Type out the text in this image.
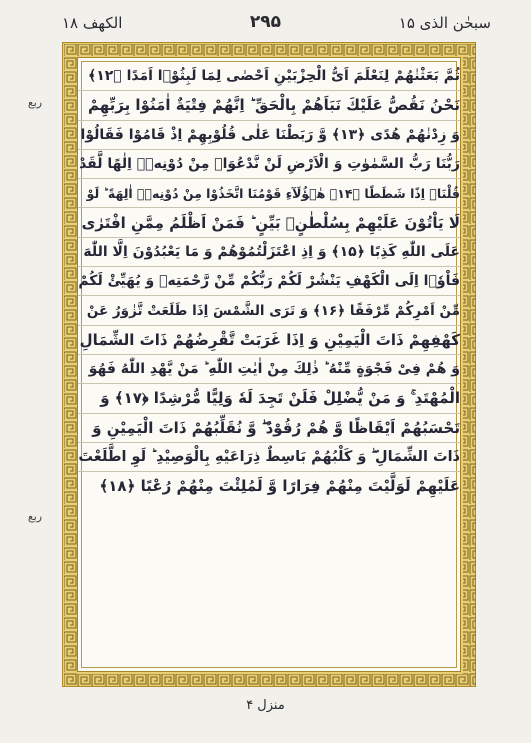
سبحٰن الذی ۱۵
۲۹۵
الکھف ۱۸
ربع
ربع
ثُمَّ بَعَثْنٰهُمْ لِنَعْلَمَ اَیُّ الْحِزْبَیْنِ اَحْصٰى لِمَا لَبِثُوْۤا اَمَدًا ﴿۱۲﴾
نَحْنُ نَقُصُّ عَلَیْكَ نَبَاَهُمْ بِالْحَقِّ ؕ اِنَّهُمْ فِتْیَةٌ اٰمَنُوْا بِرَبِّهِمْ
وَ زِدْنٰهُمْ هُدًى ﴿۱۳﴾ وَّ رَبَطْنَا عَلٰى قُلُوْبِهِمْ اِذْ قَامُوْا فَقَالُوْا
رَبُّنَا رَبُّ السَّمٰوٰتِ وَ الْاَرْضِ لَنْ نَّدْعُوَاۡ مِنْ دُوْنِهٖۤ اِلٰهًا لَّقَدْ
قُلْنَاۤ اِذًا شَطَطًا ﴿۱۴﴾ هٰۤؤُلَآءِ قَوْمُنَا اتَّخَذُوْا مِنْ دُوْنِهٖۤ اٰلِهَةً ؕ لَوْ
لَا یَاْتُوْنَ عَلَیْهِمْ بِسُلْطٰنٍۭ بَیِّنٍ ؕ فَمَنْ اَظْلَمُ مِمَّنِ افْتَرٰى
عَلَى اللّٰهِ كَذِبًا ﴿۱۵﴾ وَ اِذِ اعْتَزَلْتُمُوْهُمْ وَ مَا یَعْبُدُوْنَ اِلَّا اللّٰهَ
فَاْوٗۤا اِلَى الْكَهْفِ یَنْشُرْ لَكُمْ رَبُّكُمْ مِّنْ رَّحْمَتِهٖ وَ یُهَیِّئْ لَكُمْ
مِّنْ اَمْرِكُمْ مِّرْفَقًا ﴿۱۶﴾ وَ تَرَى الشَّمْسَ اِذَا طَلَعَتْ تَّزٰوَرُ عَنْ
كَهْفِهِمْ ذَاتَ الْیَمِیْنِ وَ اِذَا غَرَبَتْ تَّقْرِضُهُمْ ذَاتَ الشِّمَالِ
وَ هُمْ فِیْ فَجْوَةٍ مِّنْهُ ؕ ذٰلِكَ مِنْ اٰیٰتِ اللّٰهِ ؕ مَنْ یَّهْدِ اللّٰهُ فَهُوَ
الْمُهْتَدِ ۚ وَ مَنْ یُّضْلِلْ فَلَنْ تَجِدَ لَهٗ وَلِیًّا مُّرْشِدًا ﴿۱۷﴾ وَ
تَحْسَبُهُمْ اَیْقَاظًا وَّ هُمْ رُقُوْدٌ ۖ وَّ نُقَلِّبُهُمْ ذَاتَ الْیَمِیْنِ وَ
ذَاتَ الشِّمَالِ ۖ وَ كَلْبُهُمْ بَاسِطٌ ذِرَاعَیْهِ بِالْوَصِیْدِ ؕ لَوِ اطَّلَعْتَ
عَلَیْهِمْ لَوَلَّیْتَ مِنْهُمْ فِرَارًا وَّ لَمُلِئْتَ مِنْهُمْ رُعْبًا ﴿۱۸﴾
منزل ۴
